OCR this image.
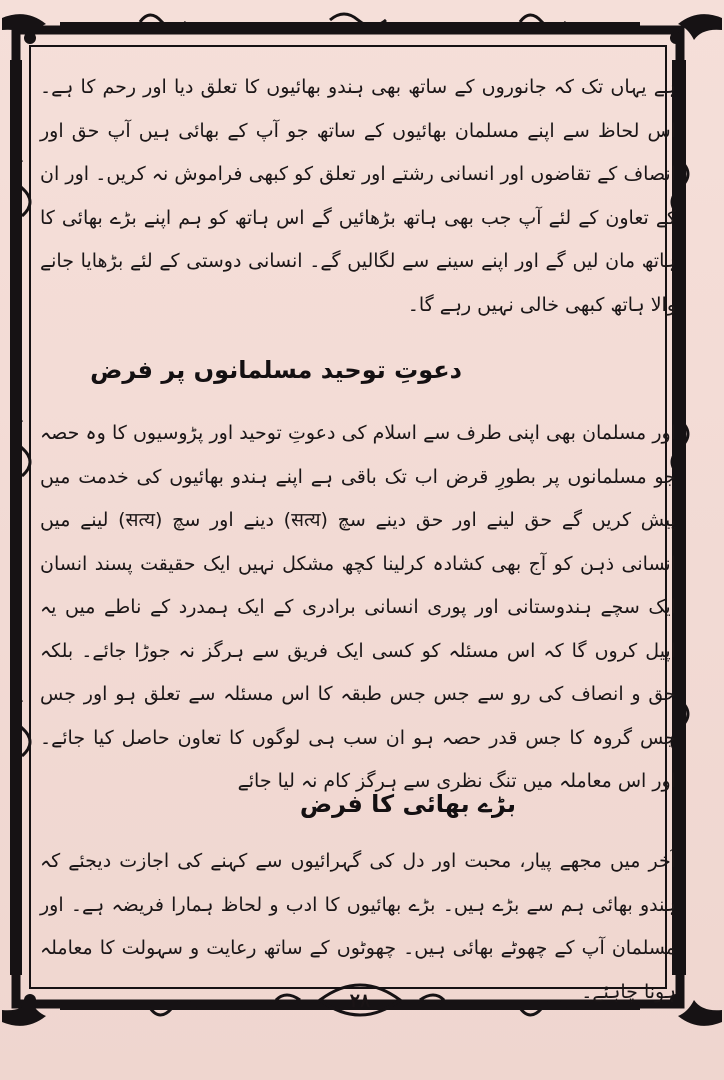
ہے یہاں تک کہ جانوروں کے ساتھ بھی ہندو بھائیوں کا تعلق دیا اور رحم کا ہے۔ اس لحاظ سے اپنے مسلمان بھائیوں کے ساتھ جو آپ کے بھائی ہیں آپ حق اور انصاف کے تقاضوں اور انسانی رشتے اور تعلق کو کبھی فراموش نہ کریں۔ اور ان کے تعاون کے لئے آپ جب بھی ہاتھ بڑھائیں گے اس ہاتھ کو ہم اپنے بڑے بھائی کا ہاتھ مان لیں گے اور اپنے سینے سے لگالیں گے۔ انسانی دوستی کے لئے بڑھایا جانے والا ہاتھ کبھی خالی نہیں رہے گا۔
دعوتِ توحید مسلمانوں پر فرض
اور مسلمان بھی اپنی طرف سے اسلام کی دعوتِ توحید اور پڑوسیوں کا وہ حصہ جو مسلمانوں پر بطورِ قرض اب تک باقی ہے اپنے ہندو بھائیوں کی خدمت میں پیش کریں گے حق لینے اور حق دینے سچ (सत्य) دینے اور سچ (सत्य) لینے میں انسانی ذہن کو آج بھی کشادہ کرلینا کچھ مشکل نہیں ایک حقیقت پسند انسان ایک سچے ہندوستانی اور پوری انسانی برادری کے ایک ہمدرد کے ناطے میں یہ اپیل کروں گا کہ اس مسئلہ کو کسی ایک فریق سے ہرگز نہ جوڑا جائے۔ بلکہ حق و انصاف کی رو سے جس جس طبقہ کا اس مسئلہ سے تعلق ہو اور جس جس گروہ کا جس قدر حصہ ہو ان سب ہی لوگوں کا تعاون حاصل کیا جائے۔ اور اس معاملہ میں تنگ نظری سے ہرگز کام نہ لیا جائے
بڑے بھائی کا فرض
آخر میں مجھے پیار، محبت اور دل کی گہرائیوں سے کہنے کی اجازت دیجئے کہ ہندو بھائی ہم سے بڑے ہیں۔ بڑے بھائیوں کا ادب و لحاظ ہمارا فریضہ ہے۔ اور مسلمان آپ کے چھوٹے بھائی ہیں۔ چھوٹوں کے ساتھ رعایت و سہولت کا معاملہ ہونا چاہئے۔
۲۸
